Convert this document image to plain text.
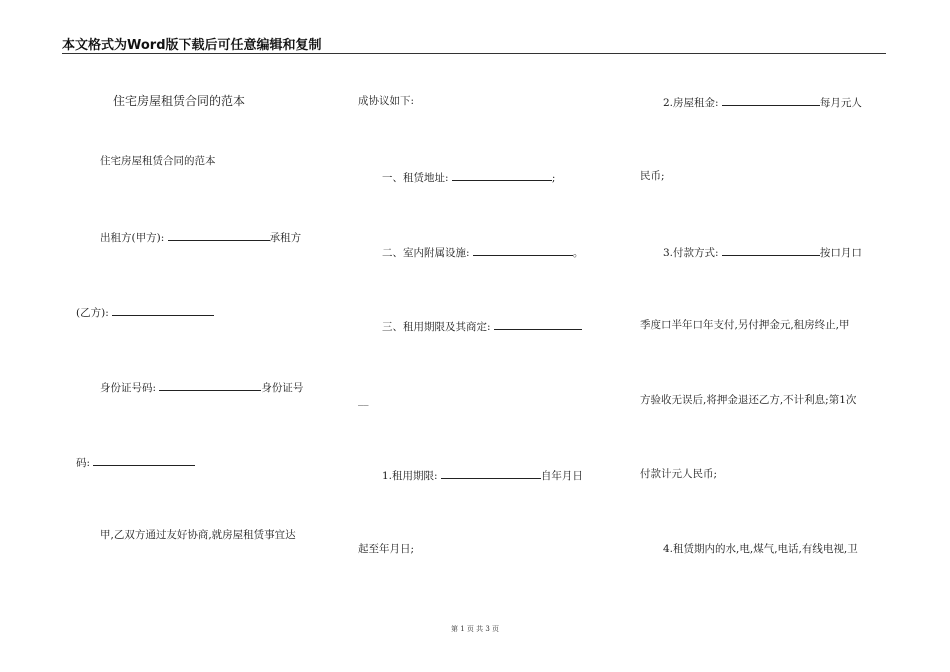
本文格式为Word版下载后可任意编辑和复制
住宅房屋租赁合同的范本
住宅房屋租赁合同的范本
出租方(甲方):	承租方
(乙方):
身份证号码:	身份证号
码:
甲,乙双方通过友好协商,就房屋租赁事宜达
成协议如下:
一、租赁地址:	;
二、室内附属设施:	。
三、租用期限及其商定:
__
1.租用期限:	自年月日
起至年月日;
2.房屋租金:	每月元人
民币;
3.付款方式:	按口月口
季度口半年口年支付,另付押金元,租房终止,甲
方验收无误后,将押金退还乙方,不计利息;第1次
付款计元人民币;
4.租赁期内的水,电,煤气,电话,有线电视,卫
第 1 页 共 3 页
